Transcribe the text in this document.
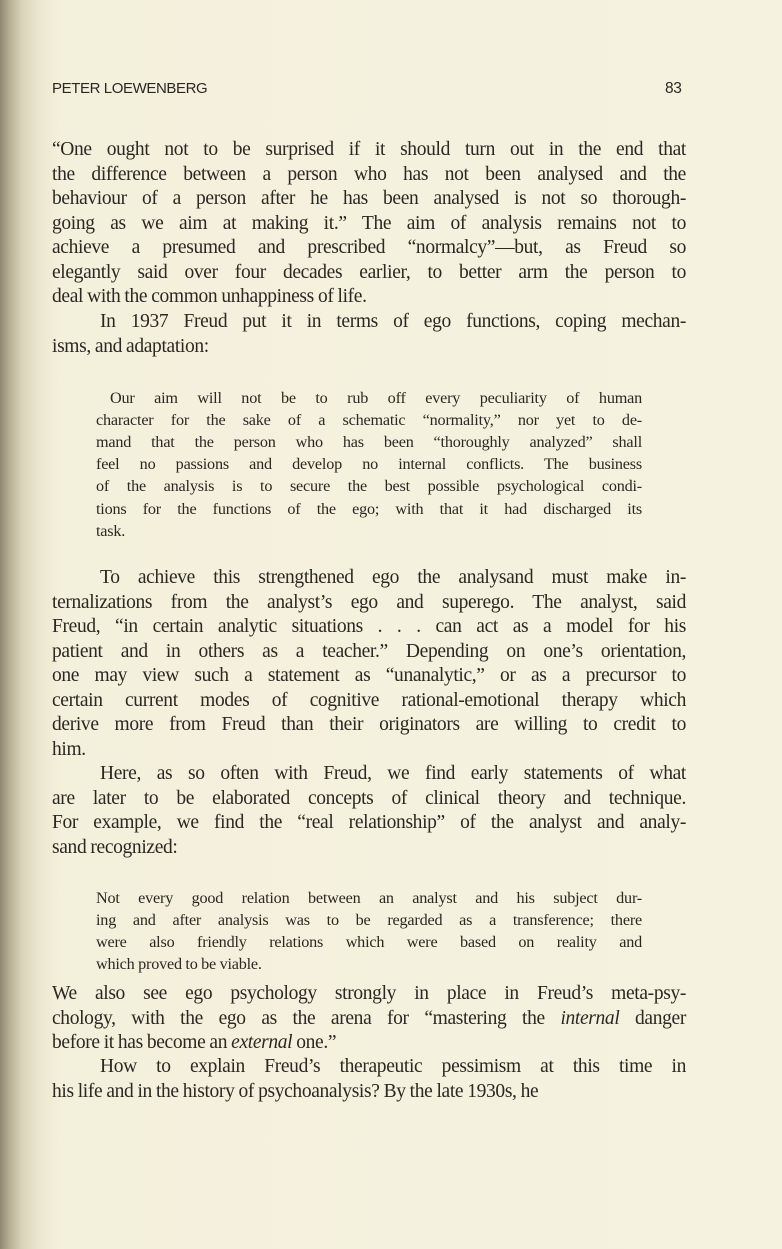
PETER LOEWENBERG	83
“One ought not to be surprised if it should turn out in the end that
the difference between a person who has not been analysed and the
behaviour of a person after he has been analysed is not so thorough-
going as we aim at making it.” The aim of analysis remains not to
achieve a presumed and prescribed “normalcy”—but, as Freud so
elegantly said over four decades earlier, to better arm the person to
deal with the common unhappiness of life.
In 1937 Freud put it in terms of ego functions, coping mechan-
isms, and adaptation:
Our aim will not be to rub off every peculiarity of human
character for the sake of a schematic “normality,” nor yet to de-
mand that the person who has been “thoroughly analyzed” shall
feel no passions and develop no internal conflicts. The business
of the analysis is to secure the best possible psychological condi-
tions for the functions of the ego; with that it had discharged its
task.
To achieve this strengthened ego the analysand must make in-
ternalizations from the analyst’s ego and superego. The analyst, said
Freud, “in certain analytic situations . . . can act as a model for his
patient and in others as a teacher.” Depending on one’s orientation,
one may view such a statement as “unanalytic,” or as a precursor to
certain current modes of cognitive rational-emotional therapy which
derive more from Freud than their originators are willing to credit to
him.
Here, as so often with Freud, we find early statements of what
are later to be elaborated concepts of clinical theory and technique.
For example, we find the “real relationship” of the analyst and analy-
sand recognized:
Not every good relation between an analyst and his subject dur-
ing and after analysis was to be regarded as a transference; there
were also friendly relations which were based on reality and
which proved to be viable.
We also see ego psychology strongly in place in Freud’s meta-psy-
chology, with the ego as the arena for “mastering the internal danger
before it has become an external one.”
How to explain Freud’s therapeutic pessimism at this time in
his life and in the history of psychoanalysis? By the late 1930s, he
